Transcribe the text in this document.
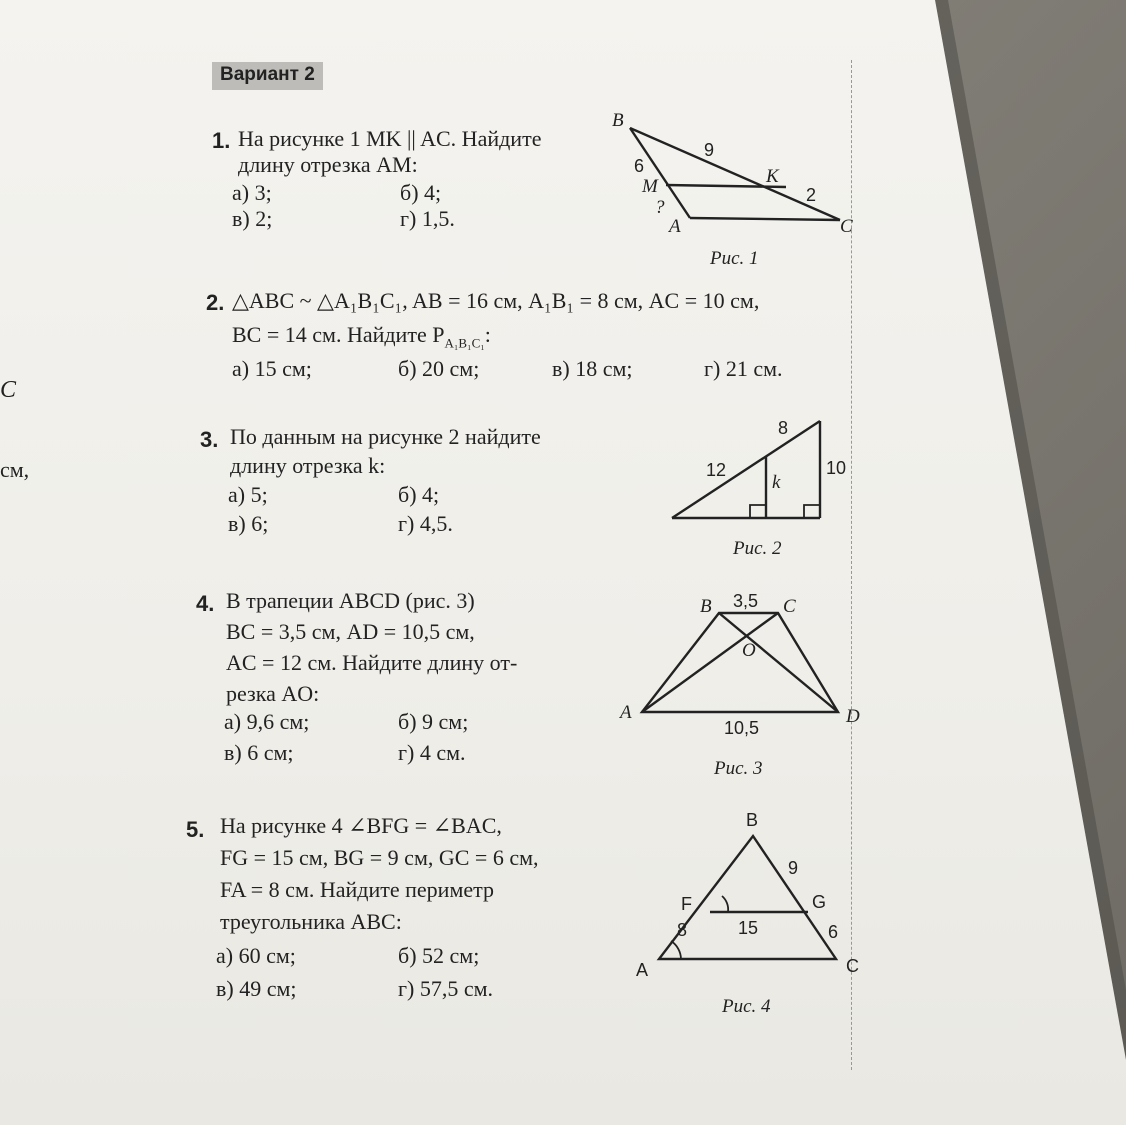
С
см,
Вариант 2
1. На рисунке 1 MK || AC. Найдите
длину отрезка AM:
а) 3;	б) 4;
в) 2;	г) 1,5.
2. △ABC ~ △A₁B₁C₁, AB = 16 см, A₁B₁ = 8 см, AC = 10 см,
BC = 14 см. Найдите $P_{A_1B_1C_1}$:
а) 15 см;	б) 20 см;	в) 18 см;	г) 21 см.
3. По данным на рисунке 2 найдите
длину отрезка k:
а) 5;	б) 4;
в) 6;	г) 4,5.
4. В трапеции ABCD (рис. 3)
BC = 3,5 см, AD = 10,5 см,
AC = 12 см. Найдите длину от-
резка AO:
а) 9,6 см;	б) 9 см;
в) 6 см;	г) 4 см.
5. На рисунке 4 ∠BFG = ∠BAC,
FG = 15 см, BG = 9 см, GC = 6 см,
FA = 8 см. Найдите периметр
треугольника ABC:
а) 60 см;	б) 52 см;
в) 49 см;	г) 57,5 см.
B
9
6
M	K
2
?
A	C
8
12	10
k
B 3,5 C
O
A	D
10,5
B
9
F	G
15
8	6
A	C
Рис. 1
Рис. 2
Рис. 3
Рис. 4
